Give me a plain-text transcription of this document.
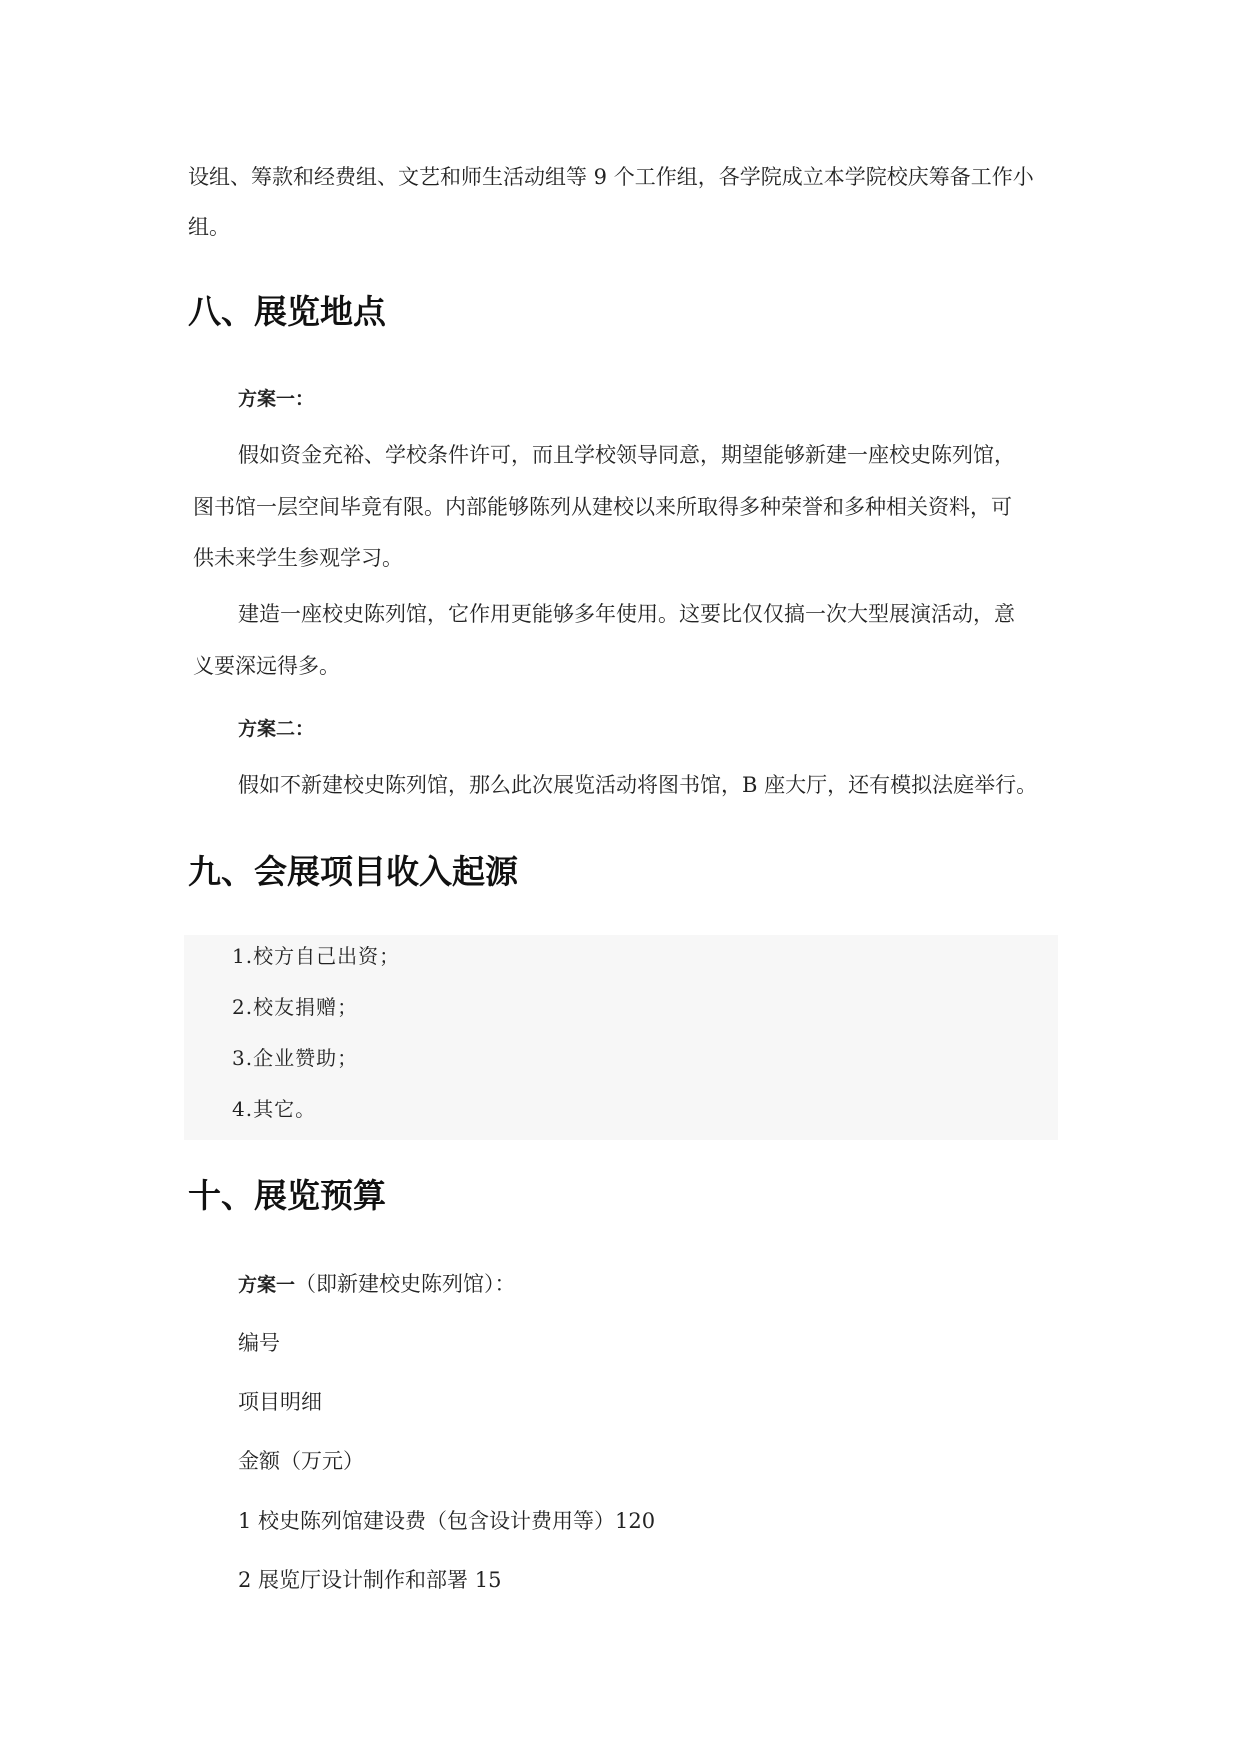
设组、筹款和经费组、文艺和师生活动组等 9 个工作组，各学院成立本学院校庆筹备工作小
组。
八、展览地点
方案一：
假如资金充裕、学校条件许可，而且学校领导同意，期望能够新建一座校史陈列馆，
图书馆一层空间毕竟有限。内部能够陈列从建校以来所取得多种荣誉和多种相关资料，可
供未来学生参观学习。
建造一座校史陈列馆，它作用更能够多年使用。这要比仅仅搞一次大型展演活动，意
义要深远得多。
方案二：
假如不新建校史陈列馆，那么此次展览活动将图书馆，B 座大厅，还有模拟法庭举行。
九、会展项目收入起源
1.校方自己出资；
2.校友捐赠；
3.企业赞助；
4.其它。
十、展览预算
方案一（即新建校史陈列馆）：
编号
项目明细
金额（万元）
1 校史陈列馆建设费（包含设计费用等）120
2 展览厅设计制作和部署 15
